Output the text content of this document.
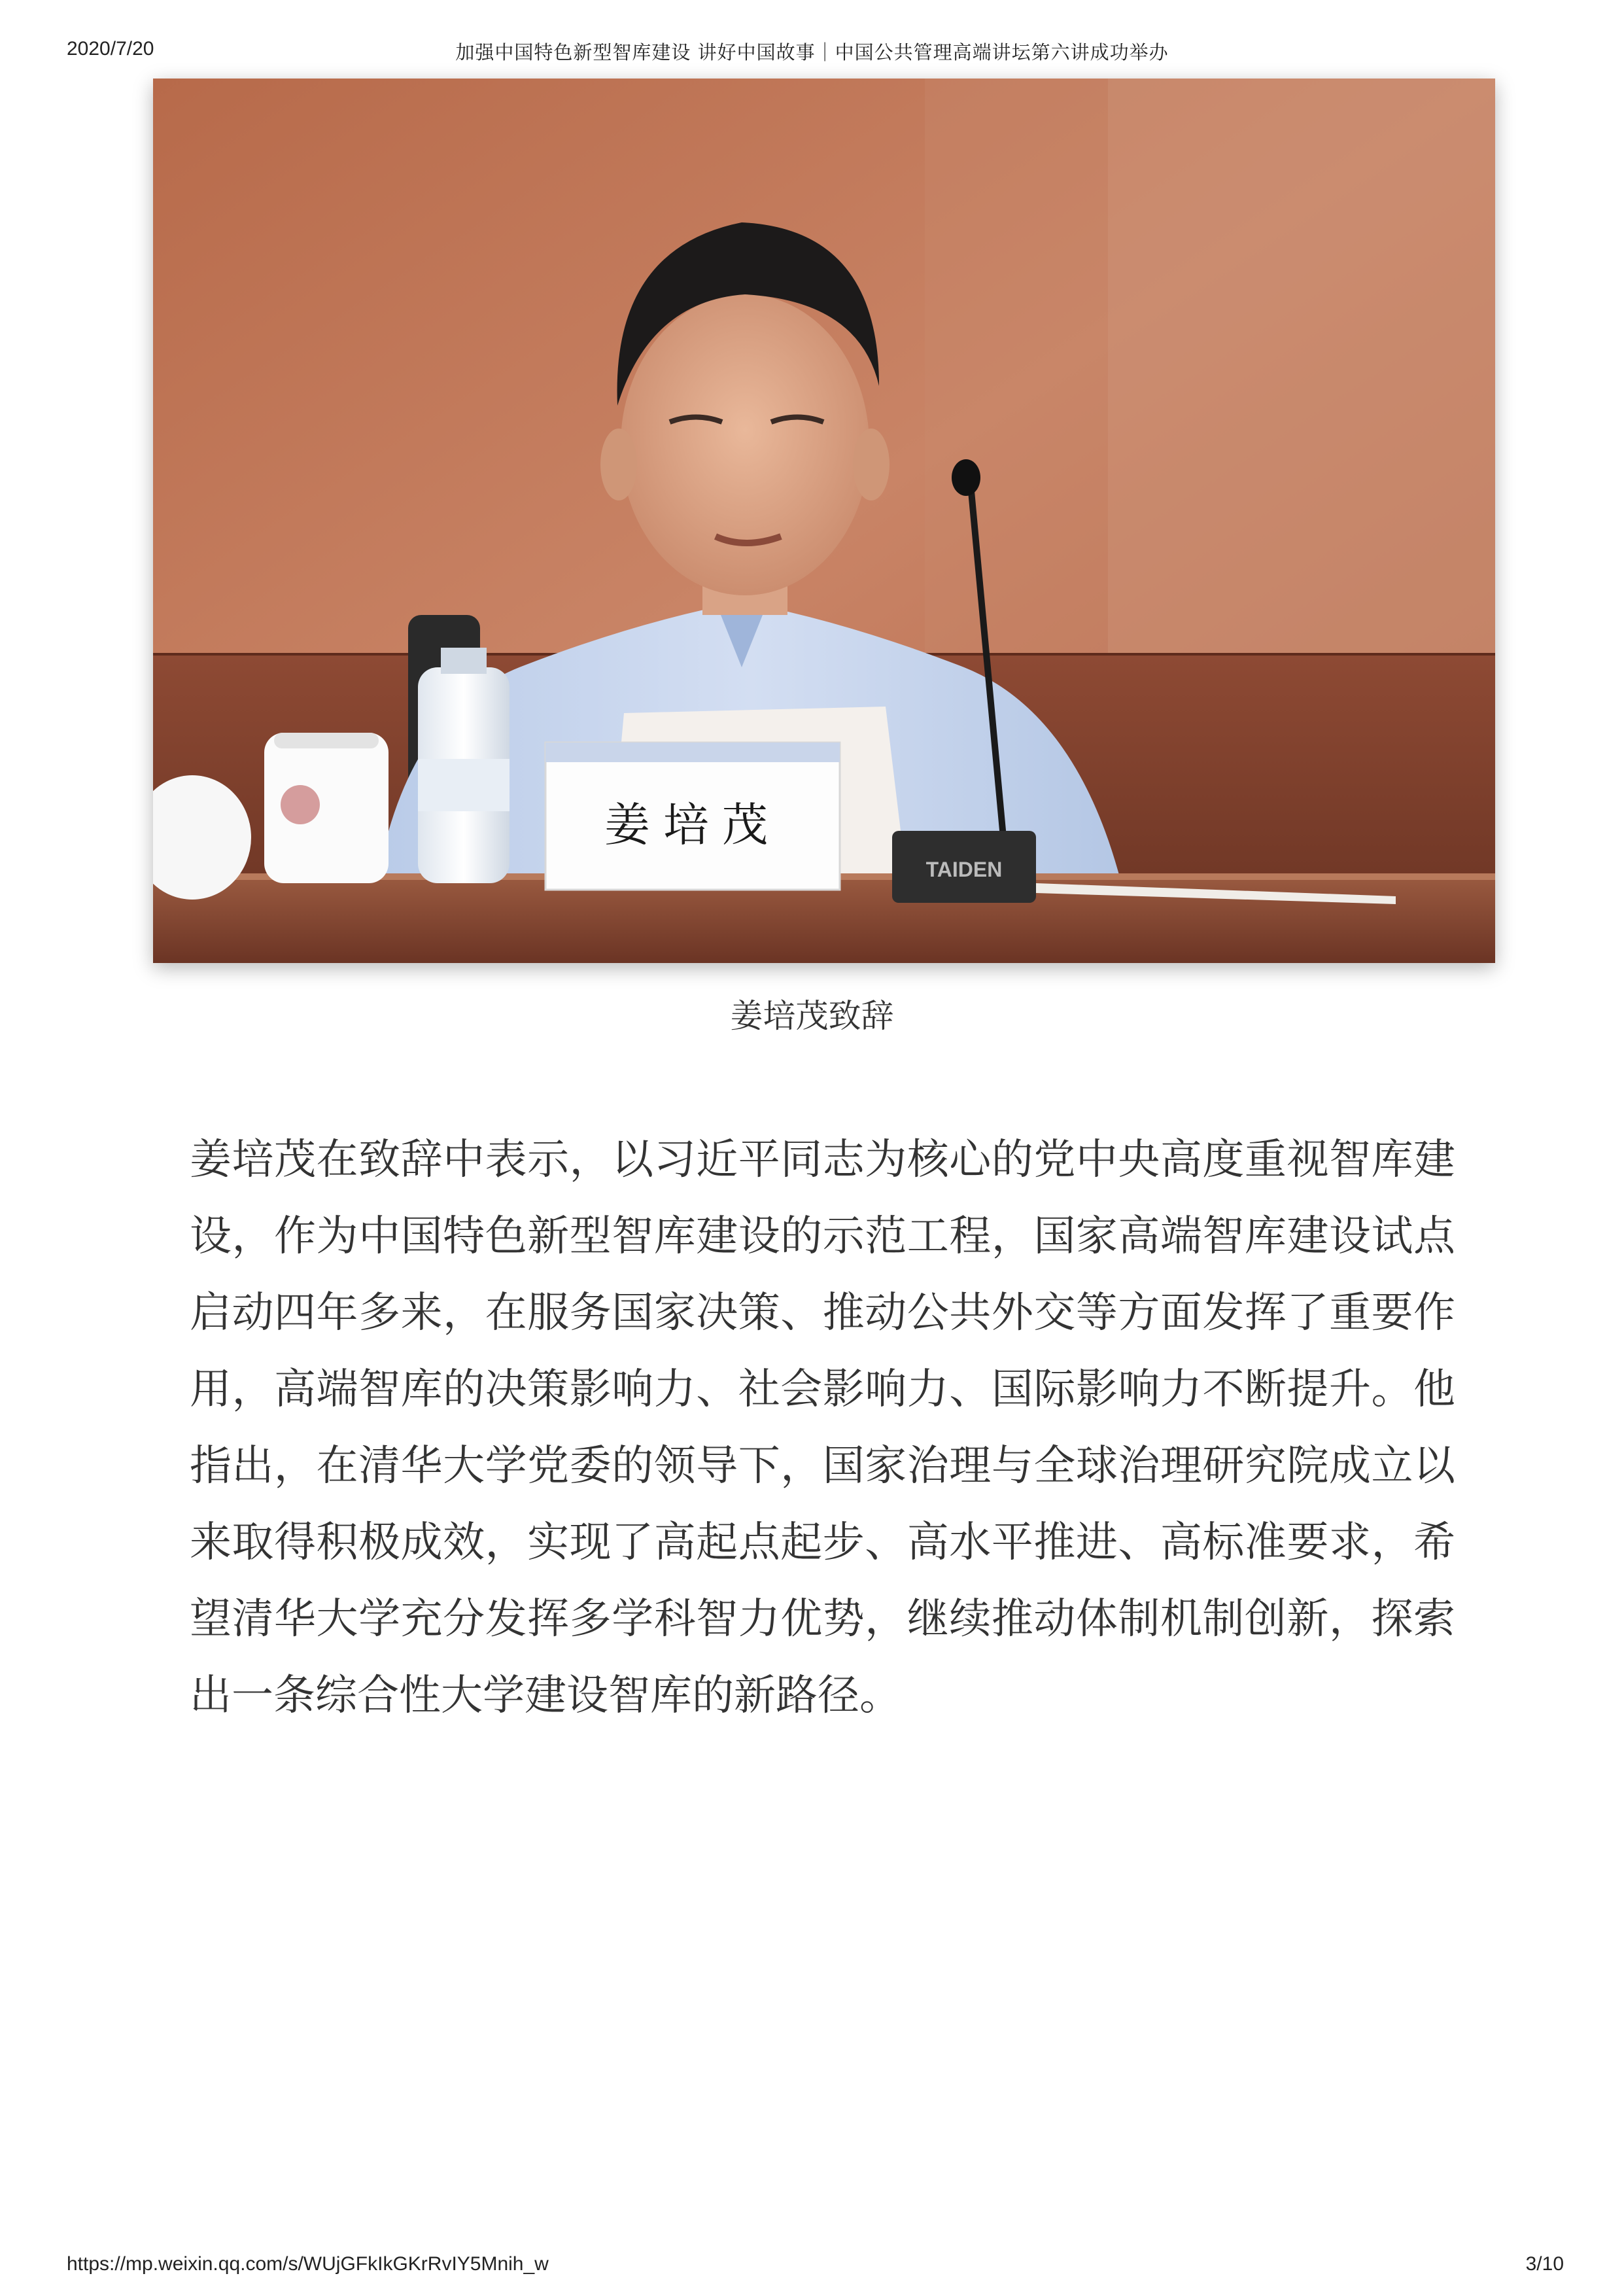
2020/7/20	加强中国特色新型智库建设 讲好中国故事｜中国公共管理高端讲坛第六讲成功举办
姜培茂
TAIDEN
姜培茂致辞

姜培茂在致辞中表示，以习近平同志为核心的党中央高度重视智库建设，作为中国特色新型智库建设的示范工程，国家高端智库建设试点启动四年多来，在服务国家决策、推动公共外交等方面发挥了重要作用，高端智库的决策影响力、社会影响力、国际影响力不断提升。他指出，在清华大学党委的领导下，国家治理与全球治理研究院成立以来取得积极成效，实现了高起点起步、高水平推进、高标准要求，希望清华大学充分发挥多学科智力优势，继续推动体制机制创新，探索出一条综合性大学建设智库的新路径。

https://mp.weixin.qq.com/s/WUjGFkIkGKrRvIY5Mnih_w	3/10
